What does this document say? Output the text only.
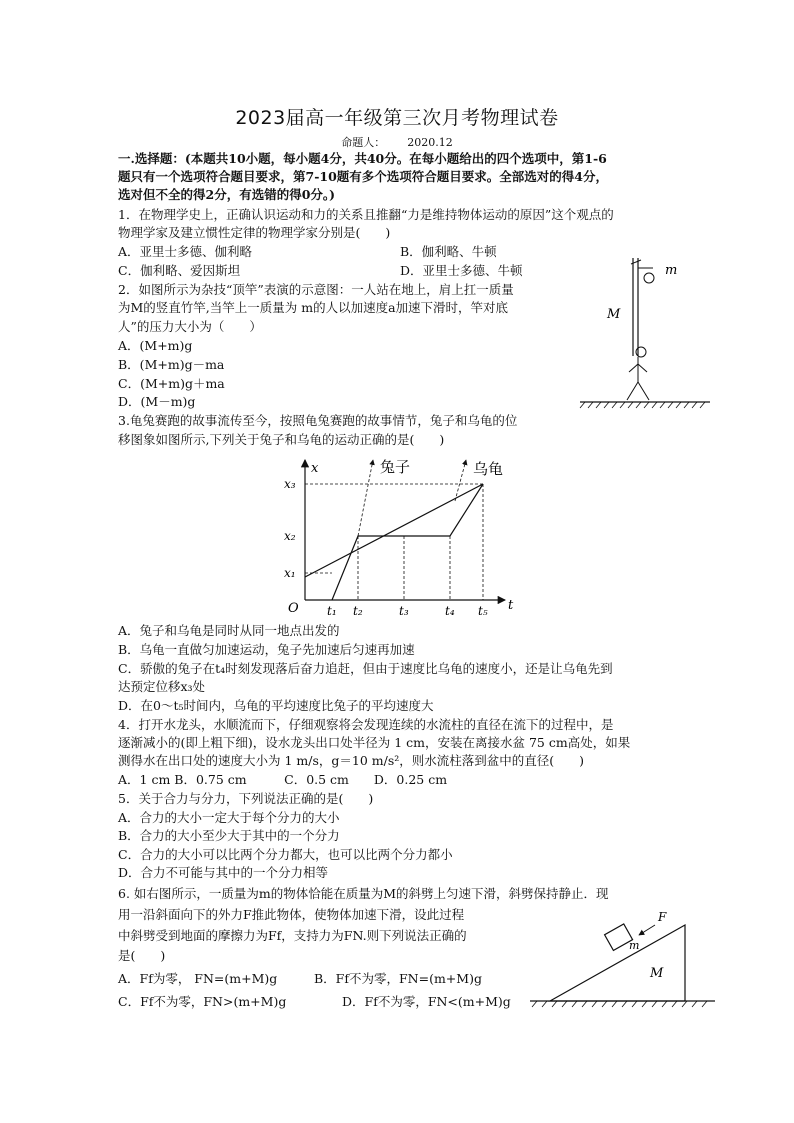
2023届高一年级第三次月考物理试卷
命题人： 2020.12
一.选择题：(本题共10小题，每小题4分，共40分。在每小题给出的四个选项中，第1-6
题只有一个选项符合题目要求，第7-10题有多个选项符合题目要求。全部选对的得4分，
选对但不全的得2分，有选错的得0分。)
1．在物理学史上，正确认识运动和力的关系且推翻“力是维持物体运动的原因”这个观点的
物理学家及建立惯性定律的物理学家分别是(　　)
A．亚里士多德、伽利略	B．伽利略、牛顿
C．伽利略、爱因斯坦	D．亚里士多德、牛顿
2．如图所示为杂技“顶竿”表演的示意图：一人站在地上，肩上扛一质量
为M的竖直竹竿,当竿上一质量为 m的人以加速度a加速下滑时，竿对底
人”的压力大小为（　　）
A．(M+m)g
B．(M+m)g－ma
C．(M+m)g＋ma
D．(M－m)g
m
M
3.龟兔赛跑的故事流传至今，按照龟兔赛跑的故事情节，兔子和乌龟的位
移图象如图所示,下列关于兔子和乌龟的运动正确的是(　　)
x
t
O
兔子	乌龟
x₃
x₂
x₁
t₁ t₂	t₃	t₄ t₅
A．兔子和乌龟是同时从同一地点出发的
B．乌龟一直做匀加速运动，兔子先加速后匀速再加速
C．骄傲的兔子在t₄时刻发现落后奋力追赶，但由于速度比乌龟的速度小，还是让乌龟先到
达预定位移x₃处
D．在0～t₅时间内，乌龟的平均速度比兔子的平均速度大
4．打开水龙头，水顺流而下，仔细观察将会发现连续的水流柱的直径在流下的过程中，是
逐渐减小的(即上粗下细)，设水龙头出口处半径为 1 cm，安装在离接水盆 75 cm高处，如果
测得水在出口处的速度大小为 1 m/s，g＝10 m/s²，则水流柱落到盆中的直径(　　)
A．1 cm B．0.75 cm　　　C．0.5 cm　　D．0.25 cm
5．关于合力与分力，下列说法正确的是(　　)
A．合力的大小一定大于每个分力的大小
B．合力的大小至少大于其中的一个分力
C．合力的大小可以比两个分力都大，也可以比两个分力都小
D．合力不可能与其中的一个分力相等
6. 如右图所示，一质量为m的物体恰能在质量为M的斜劈上匀速下滑，斜劈保持静止．现
用一沿斜面向下的外力F推此物体，使物体加速下滑，设此过程
中斜劈受到地面的摩擦力为Ff，支持力为FN.则下列说法正确的
是(　　)
A．Ff为零， FN=(m+M)g	B．Ff不为零，FN=(m+M)g
C．Ff不为零，FN>(m+M)g	D．Ff不为零，FN<(m+M)g
F
m
M
